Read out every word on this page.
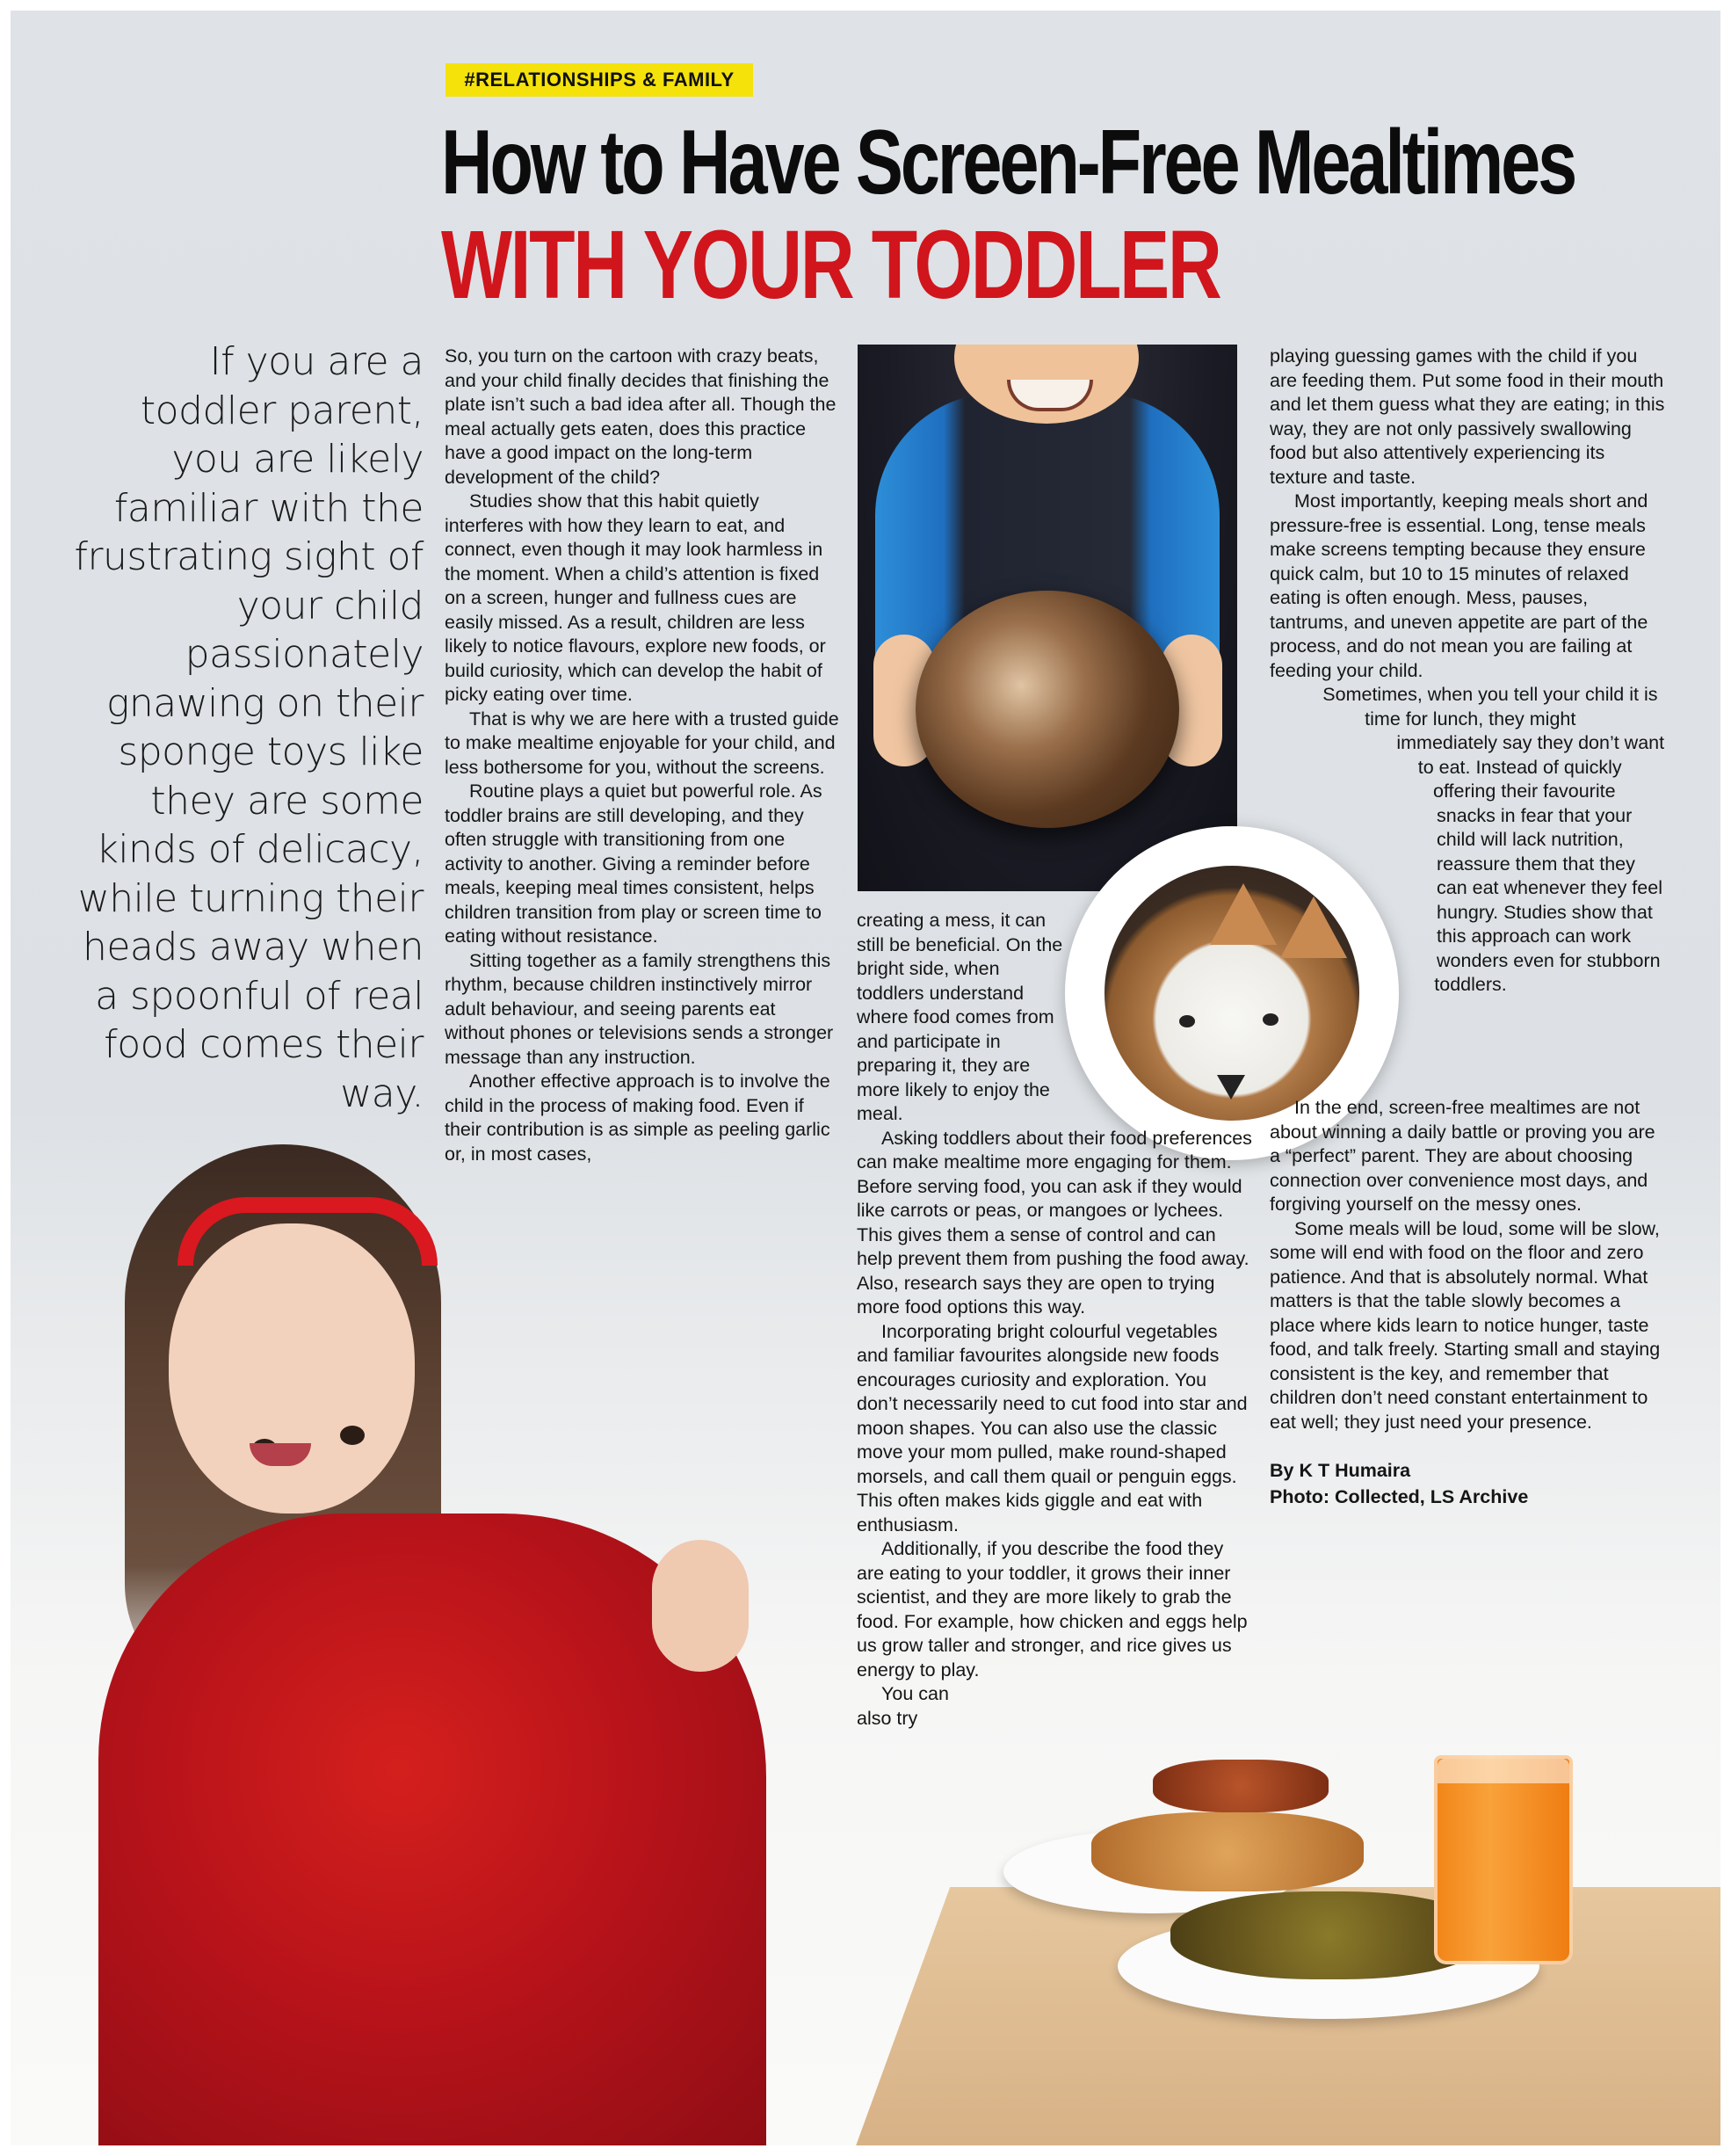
#RELATIONSHIPS & FAMILY
How to Have Screen-Free Mealtimes
WITH YOUR TODDLER
If you are a toddler parent, you are likely familiar with the frustrating sight of your child passionately gnawing on their sponge toys like they are some kinds of delicacy, while turning their heads away when a spoonful of real food comes their way.

So, you turn on the cartoon with crazy beats, and your child finally decides that finishing the plate isn’t such a bad idea after all. Though the meal actually gets eaten, does this practice have a good impact on the long-term development of the child?

Studies show that this habit quietly interferes with how they learn to eat, and connect, even though it may look harmless in the moment. When a child’s attention is fixed on a screen, hunger and fullness cues are easily missed. As a result, children are less likely to notice flavours, explore new foods, or build curiosity, which can develop the habit of picky eating over time.

That is why we are here with a trusted guide to make mealtime enjoyable for your child, and less bothersome for you, without the screens.

Routine plays a quiet but powerful role. As toddler brains are still developing, and they often struggle with transitioning from one activity to another. Giving a reminder before meals, keeping meal times consistent, helps children transition from play or screen time to eating without resistance.

Sitting together as a family strengthens this rhythm, because children instinctively mirror adult behaviour, and seeing parents eat without phones or televisions sends a stronger message than any instruction.

Another effective approach is to involve the child in the process of making food. Even if their contribution is as simple as peeling garlic or, in most cases,

creating a mess, it can still be beneficial. On the bright side, when toddlers understand where food comes from and participate in preparing it, they are more likely to enjoy the meal.

Asking toddlers about their food preferences can make mealtime more engaging for them. Before serving food, you can ask if they would like carrots or peas, or mangoes or lychees. This gives them a sense of control and can help prevent them from pushing the food away. Also, research says they are open to trying more food options this way.

Incorporating bright colourful vegetables and familiar favourites alongside new foods encourages curiosity and exploration. You don’t necessarily need to cut food into star and moon shapes. You can also use the classic move your mom pulled, make round-shaped morsels, and call them quail or penguin eggs. This often makes kids giggle and eat with enthusiasm.

Additionally, if you describe the food they are eating to your toddler, it grows their inner scientist, and they are more likely to grab the food. For example, how chicken and eggs help us grow taller and stronger, and rice gives us energy to play.

You can also try

playing guessing games with the child if you are feeding them. Put some food in their mouth and let them guess what they are eating; in this way, they are not only passively swallowing food but also attentively experiencing its texture and taste.

Most importantly, keeping meals short and pressure-free is essential. Long, tense meals make screens tempting because they ensure quick calm, but 10 to 15 minutes of relaxed eating is often enough. Mess, pauses, tantrums, and uneven appetite are part of the process, and do not mean you are failing at feeding your child.

Sometimes, when you tell your child it is time for lunch, they might immediately say they don’t want to eat. Instead of quickly offering their favourite snacks in fear that your child will lack nutrition, reassure them that they can eat whenever they feel hungry. Studies show that this approach can work wonders even for stubborn toddlers.

In the end, screen-free mealtimes are not about winning a daily battle or proving you are a “perfect” parent. They are about choosing connection over convenience most days, and forgiving yourself on the messy ones.

Some meals will be loud, some will be slow, some will end with food on the floor and zero patience. And that is absolutely normal. What matters is that the table slowly becomes a place where kids learn to notice hunger, taste food, and talk freely. Starting small and staying consistent is the key, and remember that children don’t need constant entertainment to eat well; they just need your presence.

By K T Humaira

Photo: Collected, LS Archive
